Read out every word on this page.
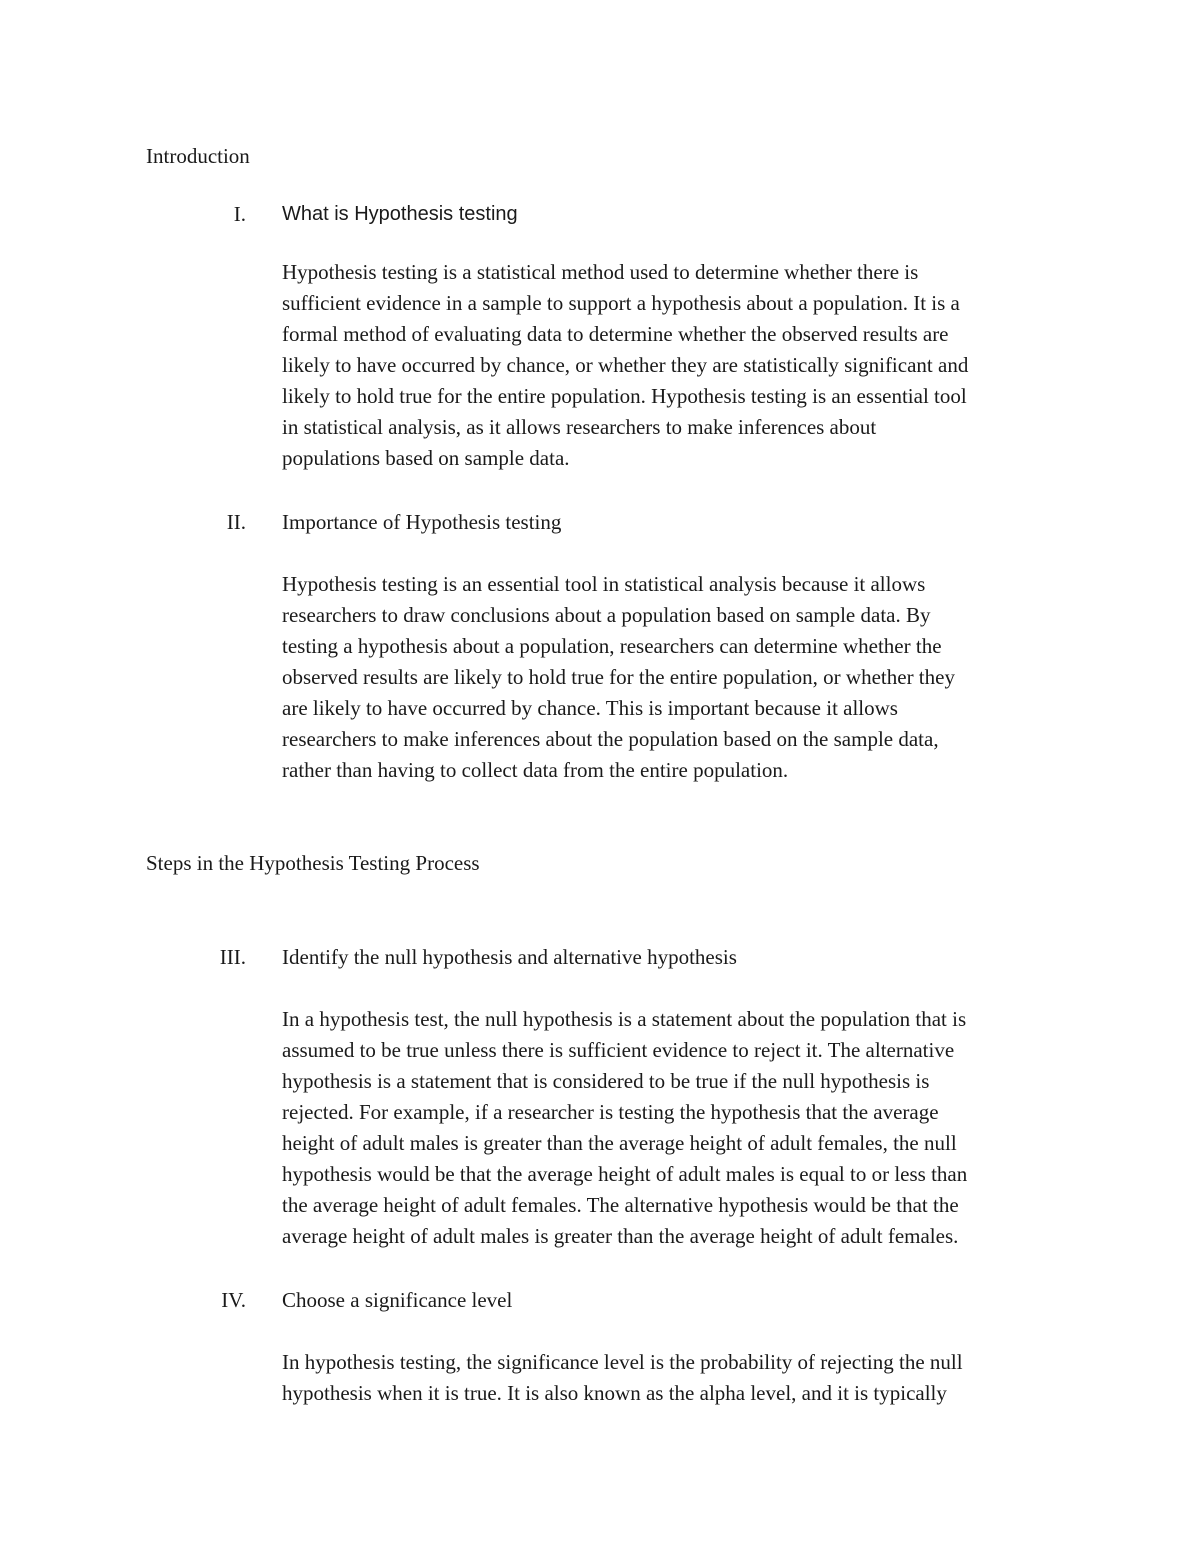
Introduction
I. What is Hypothesis testing
Hypothesis testing is a statistical method used to determine whether there is
sufficient evidence in a sample to support a hypothesis about a population. It is a
formal method of evaluating data to determine whether the observed results are
likely to have occurred by chance, or whether they are statistically significant and
likely to hold true for the entire population. Hypothesis testing is an essential tool
in statistical analysis, as it allows researchers to make inferences about
populations based on sample data.
II. Importance of Hypothesis testing
Hypothesis testing is an essential tool in statistical analysis because it allows
researchers to draw conclusions about a population based on sample data. By
testing a hypothesis about a population, researchers can determine whether the
observed results are likely to hold true for the entire population, or whether they
are likely to have occurred by chance. This is important because it allows
researchers to make inferences about the population based on the sample data,
rather than having to collect data from the entire population.
Steps in the Hypothesis Testing Process
III. Identify the null hypothesis and alternative hypothesis
In a hypothesis test, the null hypothesis is a statement about the population that is
assumed to be true unless there is sufficient evidence to reject it. The alternative
hypothesis is a statement that is considered to be true if the null hypothesis is
rejected. For example, if a researcher is testing the hypothesis that the average
height of adult males is greater than the average height of adult females, the null
hypothesis would be that the average height of adult males is equal to or less than
the average height of adult females. The alternative hypothesis would be that the
average height of adult males is greater than the average height of adult females.
IV. Choose a significance level
In hypothesis testing, the significance level is the probability of rejecting the null
hypothesis when it is true. It is also known as the alpha level, and it is typically
